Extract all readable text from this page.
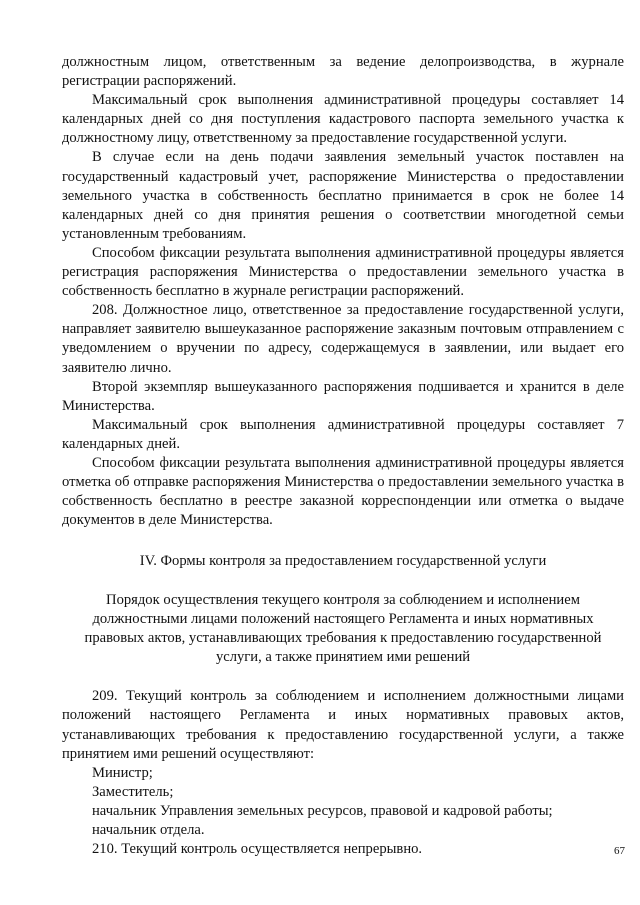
должностным лицом, ответственным за ведение делопроизводства, в журнале регистрации распоряжений.

Максимальный срок выполнения административной процедуры составляет 14 календарных дней со дня поступления кадастрового паспорта земельного участка к должностному лицу, ответственному за предоставление государственной услуги.

В случае если на день подачи заявления земельный участок поставлен на государственный кадастровый учет, распоряжение Министерства о предоставлении земельного участка в собственность бесплатно принимается в срок не более 14 календарных дней со дня принятия решения о соответствии многодетной семьи установленным требованиям.

Способом фиксации результата выполнения административной процедуры является регистрация распоряжения Министерства о предоставлении земельного участка в собственность бесплатно в журнале регистрации распоряжений.

208. Должностное лицо, ответственное за предоставление государственной услуги, направляет заявителю вышеуказанное распоряжение заказным почтовым отправлением с уведомлением о вручении по адресу, содержащемуся в заявлении, или выдает его заявителю лично.

Второй экземпляр вышеуказанного распоряжения подшивается и хранится в деле Министерства.

Максимальный срок выполнения административной процедуры составляет 7 календарных дней.

Способом фиксации результата выполнения административной процедуры является отметка об отправке распоряжения Министерства о предоставлении земельного участка в собственность бесплатно в реестре заказной корреспонденции или отметка о выдаче документов в деле Министерства.

IV. Формы контроля за предоставлением государственной услуги
Порядок осуществления текущего контроля за соблюдением и исполнением должностными лицами положений настоящего Регламента и иных нормативных правовых актов, устанавливающих требования к предоставлению государственной услуги, а также принятием ими решений

209. Текущий контроль за соблюдением и исполнением должностными лицами положений настоящего Регламента и иных нормативных правовых актов, устанавливающих требования к предоставлению государственной услуги, а также принятием ими решений осуществляют:

Министр;

Заместитель;

начальник Управления земельных ресурсов, правовой и кадровой работы;

начальник отдела.

210. Текущий контроль осуществляется непрерывно.	67
